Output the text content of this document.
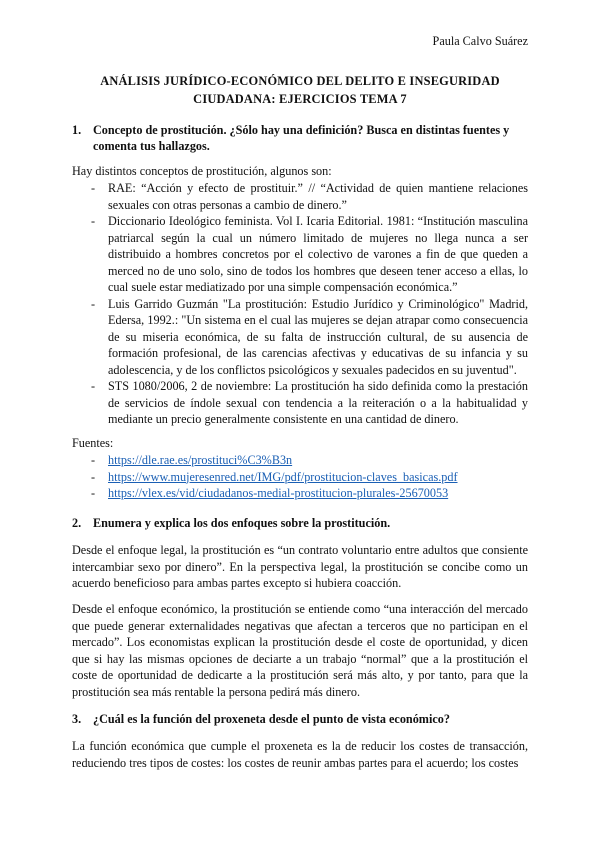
Paula Calvo Suárez
ANÁLISIS JURÍDICO-ECONÓMICO DEL DELITO E INSEGURIDAD CIUDADANA: EJERCICIOS TEMA 7
1. Concepto de prostitución. ¿Sólo hay una definición? Busca en distintas fuentes y comenta tus hallazgos.
Hay distintos conceptos de prostitución, algunos son:
- RAE: “Acción y efecto de prostituir.” // “Actividad de quien mantiene relaciones sexuales con otras personas a cambio de dinero.”
- Diccionario Ideológico feminista. Vol I. Icaria Editorial. 1981: “Institución masculina patriarcal según la cual un número limitado de mujeres no llega nunca a ser distribuido a hombres concretos por el colectivo de varones a fin de que queden a merced no de uno solo, sino de todos los hombres que deseen tener acceso a ellas, lo cual suele estar mediatizado por una simple compensación económica.”
- Luis Garrido Guzmán "La prostitución: Estudio Jurídico y Criminológico" Madrid, Edersa, 1992.: "Un sistema en el cual las mujeres se dejan atrapar como consecuencia de su miseria económica, de su falta de instrucción cultural, de su ausencia de formación profesional, de las carencias afectivas y educativas de su infancia y su adolescencia, y de los conflictos psicológicos y sexuales padecidos en su juventud".
- STS 1080/2006, 2 de noviembre: La prostitución ha sido definida como la prestación de servicios de índole sexual con tendencia a la reiteración o a la habitualidad y mediante un precio generalmente consistente en una cantidad de dinero.
Fuentes:
- https://dle.rae.es/prostituci%C3%B3n
- https://www.mujeresenred.net/IMG/pdf/prostitucion-claves_basicas.pdf
- https://vlex.es/vid/ciudadanos-medial-prostitucion-plurales-25670053
2. Enumera y explica los dos enfoques sobre la prostitución.
Desde el enfoque legal, la prostitución es “un contrato voluntario entre adultos que consiente intercambiar sexo por dinero”. En la perspectiva legal, la prostitución se concibe como un acuerdo beneficioso para ambas partes excepto si hubiera coacción.
Desde el enfoque económico, la prostitución se entiende como “una interacción del mercado que puede generar externalidades negativas que afectan a terceros que no participan en el mercado”. Los economistas explican la prostitución desde el coste de oportunidad, y dicen que si hay las mismas opciones de deciarte a un trabajo “normal” que a la prostitución el coste de oportunidad de dedicarte a la prostitución será más alto, y por tanto, para que la prostitución sea más rentable la persona pedirá más dinero.
3. ¿Cuál es la función del proxeneta desde el punto de vista económico?
La función económica que cumple el proxeneta es la de reducir los costes de transacción, reduciendo tres tipos de costes: los costes de reunir ambas partes para el acuerdo; los costes
